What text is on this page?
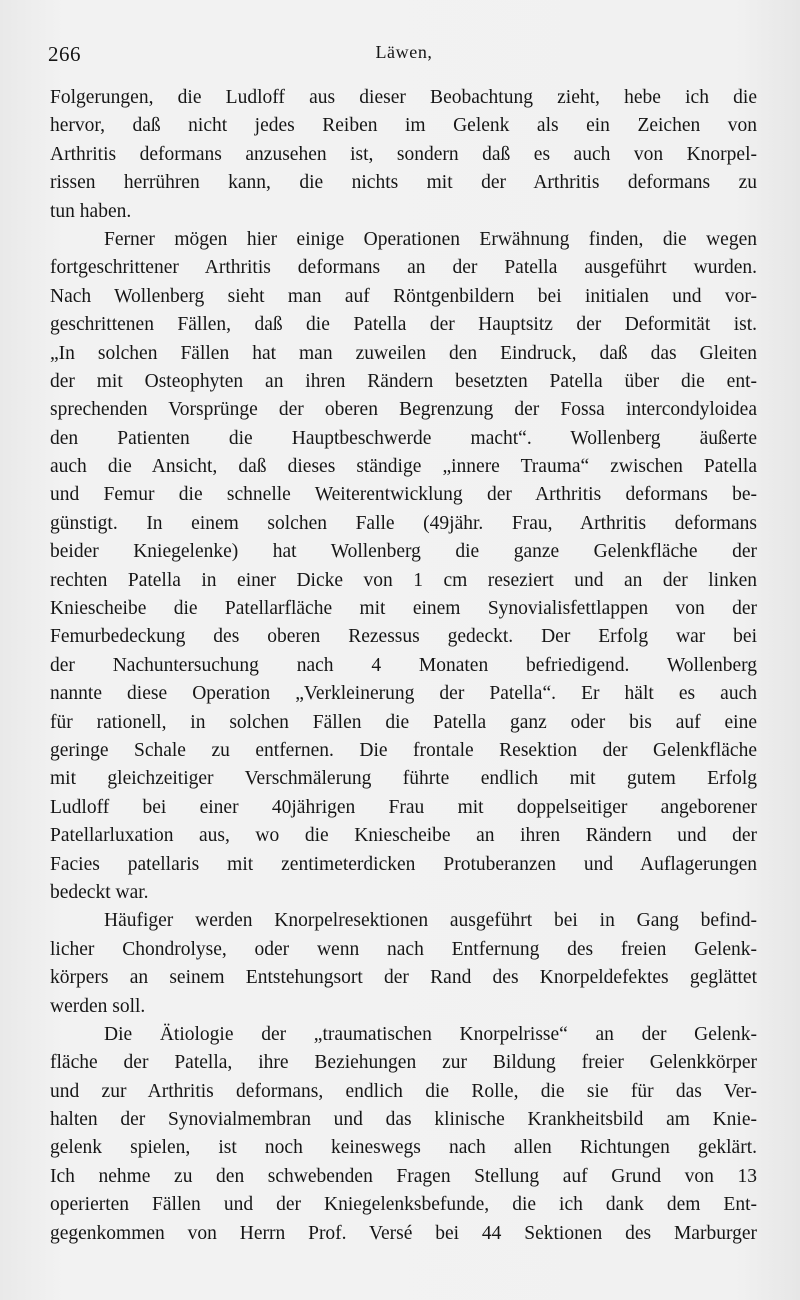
266	Läwen,
Folgerungen, die Ludloff aus dieser Beobachtung zieht, hebe ich die
hervor, daß nicht jedes Reiben im Gelenk als ein Zeichen von
Arthritis deformans anzusehen ist, sondern daß es auch von Knorpel-
rissen herrühren kann, die nichts mit der Arthritis deformans zu
tun haben.
Ferner mögen hier einige Operationen Erwähnung finden, die wegen
fortgeschrittener Arthritis deformans an der Patella ausgeführt wurden.
Nach Wollenberg sieht man auf Röntgenbildern bei initialen und vor-
geschrittenen Fällen, daß die Patella der Hauptsitz der Deformität ist.
„In solchen Fällen hat man zuweilen den Eindruck, daß das Gleiten
der mit Osteophyten an ihren Rändern besetzten Patella über die ent-
sprechenden Vorsprünge der oberen Begrenzung der Fossa intercondyloidea
den Patienten die Hauptbeschwerde macht“. Wollenberg äußerte
auch die Ansicht, daß dieses ständige „innere Trauma“ zwischen Patella
und Femur die schnelle Weiterentwicklung der Arthritis deformans be-
günstigt. In einem solchen Falle (49jähr. Frau, Arthritis deformans
beider Kniegelenke) hat Wollenberg die ganze Gelenkfläche der
rechten Patella in einer Dicke von 1 cm reseziert und an der linken
Kniescheibe die Patellarfläche mit einem Synovialisfettlappen von der
Femurbedeckung des oberen Rezessus gedeckt. Der Erfolg war bei
der Nachuntersuchung nach 4 Monaten befriedigend. Wollenberg
nannte diese Operation „Verkleinerung der Patella“. Er hält es auch
für rationell, in solchen Fällen die Patella ganz oder bis auf eine
geringe Schale zu entfernen. Die frontale Resektion der Gelenkfläche
mit gleichzeitiger Verschmälerung führte endlich mit gutem Erfolg
Ludloff bei einer 40jährigen Frau mit doppelseitiger angeborener
Patellarluxation aus, wo die Kniescheibe an ihren Rändern und der
Facies patellaris mit zentimeterdicken Protuberanzen und Auflagerungen
bedeckt war.
Häufiger werden Knorpelresektionen ausgeführt bei in Gang befind-
licher Chondrolyse, oder wenn nach Entfernung des freien Gelenk-
körpers an seinem Entstehungsort der Rand des Knorpeldefektes geglättet
werden soll.
Die Ätiologie der „traumatischen Knorpelrisse“ an der Gelenk-
fläche der Patella, ihre Beziehungen zur Bildung freier Gelenkkörper
und zur Arthritis deformans, endlich die Rolle, die sie für das Ver-
halten der Synovialmembran und das klinische Krankheitsbild am Knie-
gelenk spielen, ist noch keineswegs nach allen Richtungen geklärt.
Ich nehme zu den schwebenden Fragen Stellung auf Grund von 13
operierten Fällen und der Kniegelenksbefunde, die ich dank dem Ent-
gegenkommen von Herrn Prof. Versé bei 44 Sektionen des Marburger
